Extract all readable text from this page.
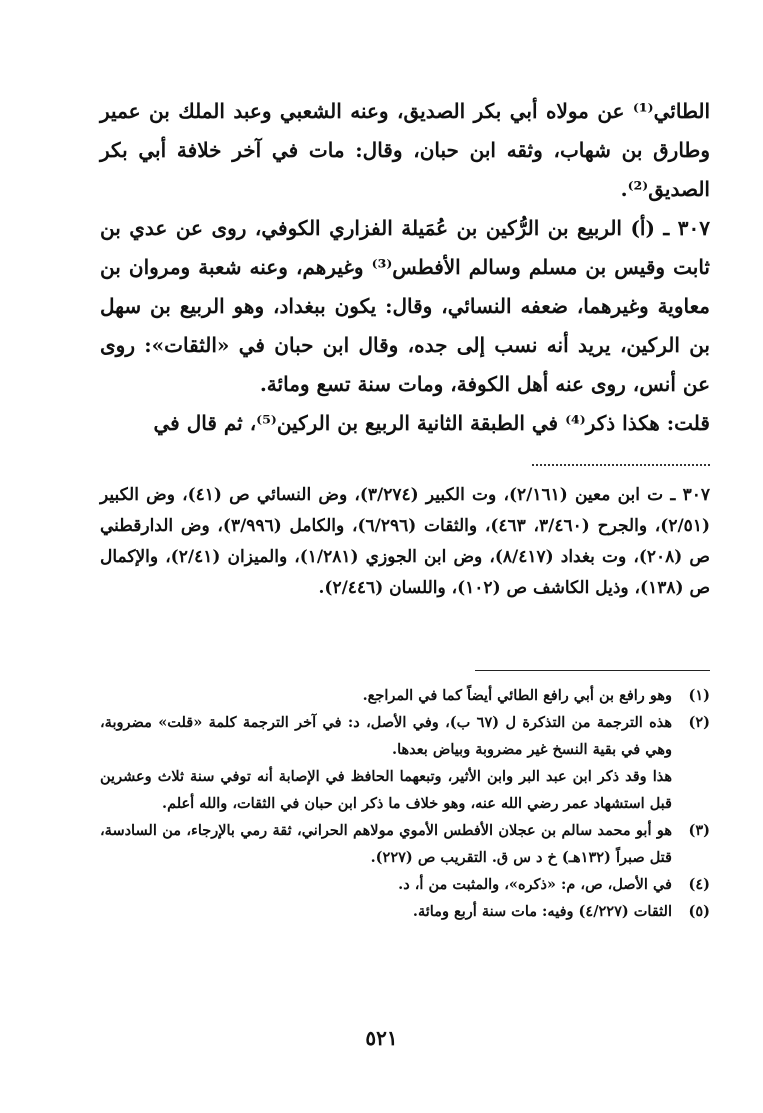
الطائي⁽¹⁾ عن مولاه أبي بكر الصديق، وعنه الشعبي وعبد الملك بن عمير وطارق بن شهاب، وثقه ابن حبان، وقال: مات في آخر خلافة أبي بكر الصديق⁽²⁾.

٣٠٧ ـ (أ) الربيع بن الرُّكين بن عُمَيلة الفزاري الكوفي، روى عن عدي بن ثابت وقيس بن مسلم وسالم الأفطس⁽³⁾ وغيرهم، وعنه شعبة ومروان بن معاوية وغيرهما، ضعفه النسائي، وقال: يكون ببغداد، وهو الربيع بن سهل بن الركين، يريد أنه نسب إلى جده، وقال ابن حبان في «الثقات»: روى عن أنس، روى عنه أهل الكوفة، ومات سنة تسع ومائة.

قلت: هكذا ذكر⁽⁴⁾ في الطبقة الثانية الربيع بن الركين⁽⁵⁾، ثم قال في

٣٠٧ ـ ت ابن معين (٢/١٦١)، وت الكبير (٣/٢٧٤)، وض النسائي ص (٤١)، وض الكبير (٢/٥١)، والجرح (٣/٤٦٠، ٤٦٣)، والثقات (٦/٢٩٦)، والكامل (٣/٩٩٦)، وض الدارقطني ص (٢٠٨)، وت بغداد (٨/٤١٧)، وض ابن الجوزي (١/٢٨١)، والميزان (٢/٤١)، والإكمال ص (١٣٨)، وذيل الكاشف ص (١٠٢)، واللسان (٢/٤٤٦).

(١)

وهو رافع بن أبي رافع الطائي أيضاً كما في المراجع.

(٢)

هذه الترجمة من التذكرة ل (٦٧ ب)، وفي الأصل، د: في آخر الترجمة كلمة «قلت» مضروبة، وهي في بقية النسخ غير مضروبة وبياض بعدها.

هذا وقد ذكر ابن عبد البر وابن الأثير، وتبعهما الحافظ في الإصابة أنه توفي سنة ثلاث وعشرين قبل استشهاد عمر رضي الله عنه، وهو خلاف ما ذكر ابن حبان في الثقات، والله أعلم.

(٣)

هو أبو محمد سالم بن عجلان الأفطس الأموي مولاهم الحراني، ثقة رمي بالإرجاء، من السادسة، قتل صبراً (١٣٢هـ) خ د س ق. التقريب ص (٢٢٧).

(٤)

في الأصل، ص، م: «ذكره»، والمثبت من أ، د.

(٥)

الثقات (٤/٢٢٧) وفيه: مات سنة أربع ومائة.

٥٢١
